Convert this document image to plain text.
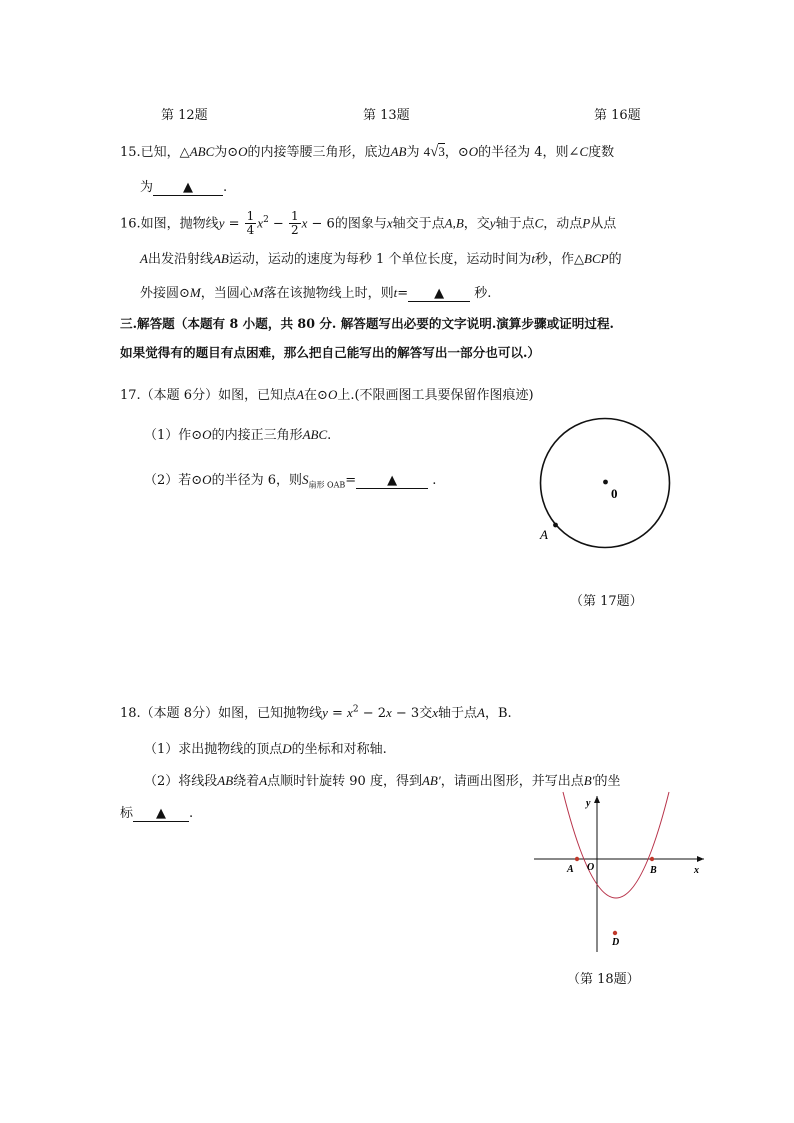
第 12题	第 13题	第 16题
15.已知，△ABC为⊙O的内接等腰三角形，底边AB为 4√3，⊙O的半径为 4，则∠C度数
为 ▲ .
16.如图，抛物线$y = \frac{1}{4} x^2 - \frac{1}{2}$ x − 6的图象与x轴交于点A,B，交y轴于点C，动点P从点
A出发沿射线AB运动，运动的速度为每秒 1 个单位长度，运动时间为t秒，作△BCP的
外接圆⊙M，当圆心M落在该抛物线上时，则t= ▲ 秒.
三.解答题（本题有 8 小题，共 80 分. 解答题写出必要的文字说明.演算步骤或证明过程.
如果觉得有的题目有点困难，那么把自己能写出的解答写出一部分也可以.）
17.（本题 6分）如图，已知点A在⊙O上.(不限画图工具要保留作图痕迹)
（1）作⊙O的内接正三角形ABC.
（2）若⊙O的半径为 6，则$S_{扇形 OAB}=$ ▲	.
0
A
（第 17题）
18.（本题 8分）如图，已知抛物线$y = x^2 - 2x - 3$交x轴于点A，B.
（1）求出抛物线的顶点D的坐标和对称轴.
（2）将线段AB绕着A点顺时针旋转 90 度，得到AB′，请画出图形，并写出点B′的坐
标 ▲ .
y
x
O
A	B
D
（第 18题）
